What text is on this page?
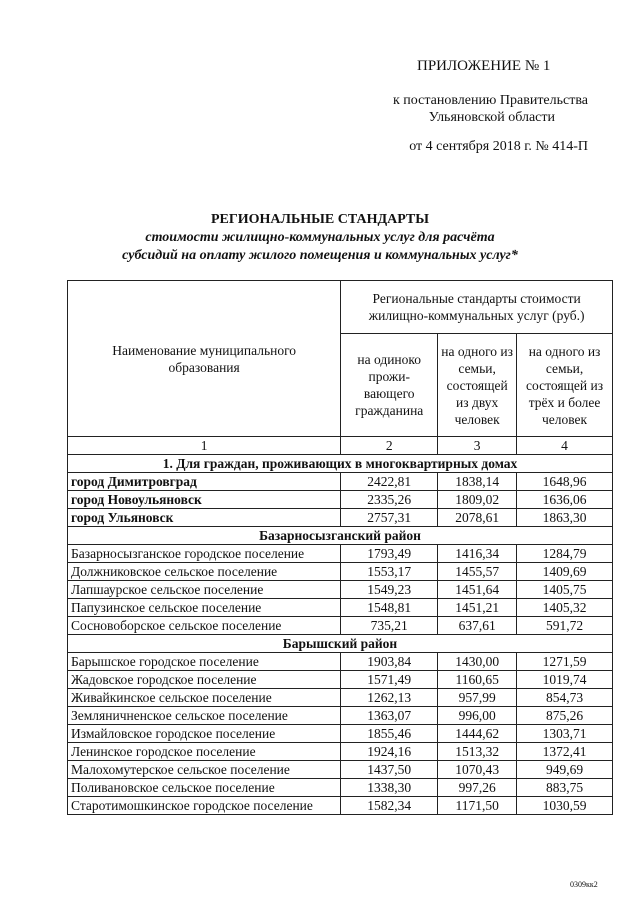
ПРИЛОЖЕНИЕ № 1
к постановлению Правительства
Ульяновской области
от 4 сентября 2018 г. № 414-П
РЕГИОНАЛЬНЫЕ СТАНДАРТЫ
стоимости жилищно-коммунальных услуг для расчёта
субсидий на оплату жилого помещения и коммунальных услуг*
Наименование муниципального образования	Региональные стандарты стоимости жилищно-коммунальных услуг (руб.)		
	на одиноко прожи-вающего гражданина	на одного из семьи, состоящей из двух человек	на одного из семьи, состоящей из трёх и более человек
1	2	3	4
1. Для граждан, проживающих в многоквартирных домах			
город Димитровград	2422,81	1838,14	1648,96
город Новоульяновск	2335,26	1809,02	1636,06
город Ульяновск	2757,31	2078,61	1863,30
Базарносызганский район			
Базарносызганское городское поселение	1793,49	1416,34	1284,79
Должниковское сельское поселение	1553,17	1455,57	1409,69
Лапшаурское сельское поселение	1549,23	1451,64	1405,75
Папузинское сельское поселение	1548,81	1451,21	1405,32
Сосновоборское сельское поселение	735,21	637,61	591,72
Барышский район			
Барышское городское поселение	1903,84	1430,00	1271,59
Жадовское городское поселение	1571,49	1160,65	1019,74
Живайкинское сельское поселение	1262,13	957,99	854,73
Земляничненское сельское поселение	1363,07	996,00	875,26
Измайловское городское поселение	1855,46	1444,62	1303,71
Ленинское городское поселение	1924,16	1513,32	1372,41
Малохомутерское сельское поселение	1437,50	1070,43	949,69
Поливановское сельское поселение	1338,30	997,26	883,75
Старотимошкинское городское поселение	1582,34	1171,50	1030,59
0309кк2
